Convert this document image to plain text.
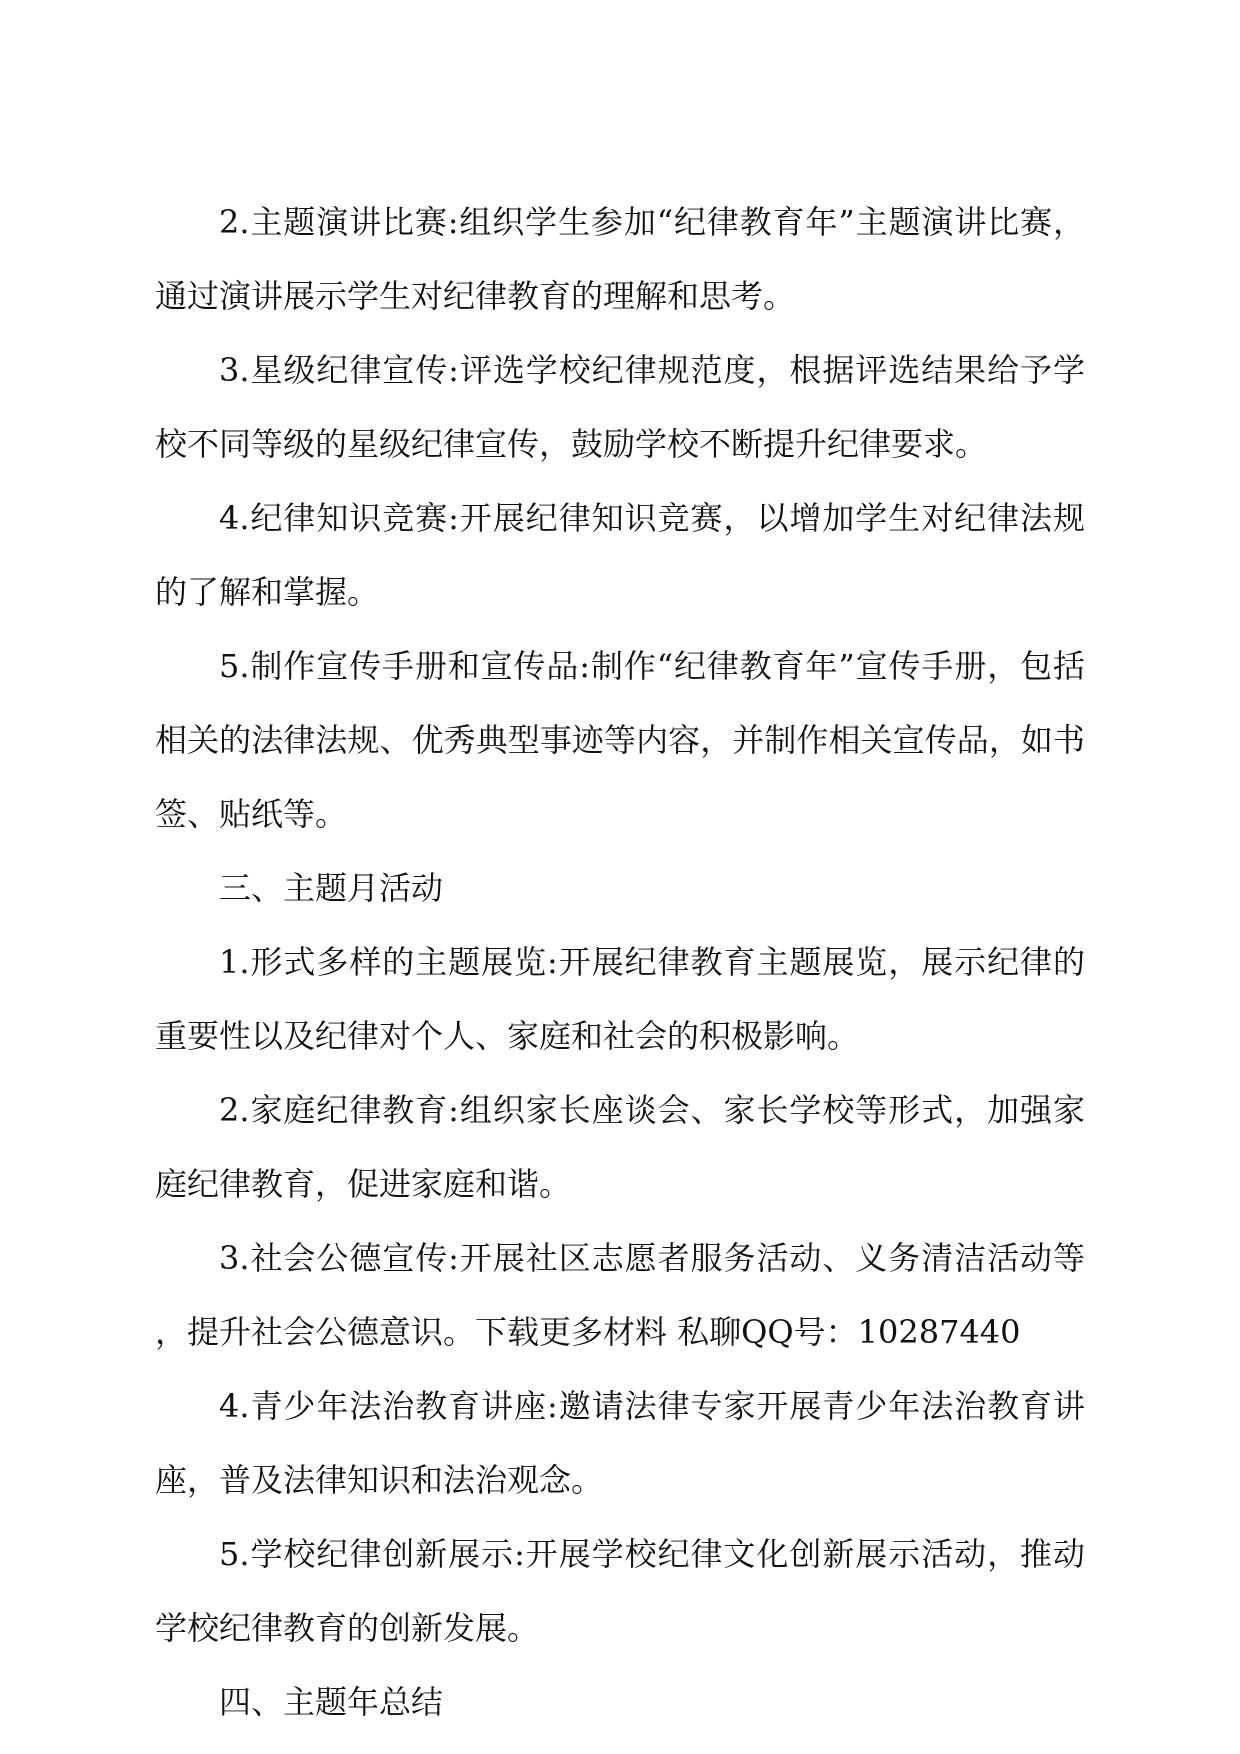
2.主题演讲比赛:组织学生参加“纪律教育年”主题演讲比赛，通过演讲展示学生对纪律教育的理解和思考。

3.星级纪律宣传:评选学校纪律规范度，根据评选结果给予学校不同等级的星级纪律宣传，鼓励学校不断提升纪律要求。

4.纪律知识竞赛:开展纪律知识竞赛，以增加学生对纪律法规的了解和掌握。

5.制作宣传手册和宣传品:制作“纪律教育年”宣传手册，包括相关的法律法规、优秀典型事迹等内容，并制作相关宣传品，如书签、贴纸等。

三、主题月活动

1.形式多样的主题展览:开展纪律教育主题展览，展示纪律的重要性以及纪律对个人、家庭和社会的积极影响。

2.家庭纪律教育:组织家长座谈会、家长学校等形式，加强家庭纪律教育，促进家庭和谐。

3.社会公德宣传:开展社区志愿者服务活动、义务清洁活动等，提升社会公德意识。下载更多材料 私聊QQ号：10287440

4.青少年法治教育讲座:邀请法律专家开展青少年法治教育讲座，普及法律知识和法治观念。

5.学校纪律创新展示:开展学校纪律文化创新展示活动，推动学校纪律教育的创新发展。

四、主题年总结
